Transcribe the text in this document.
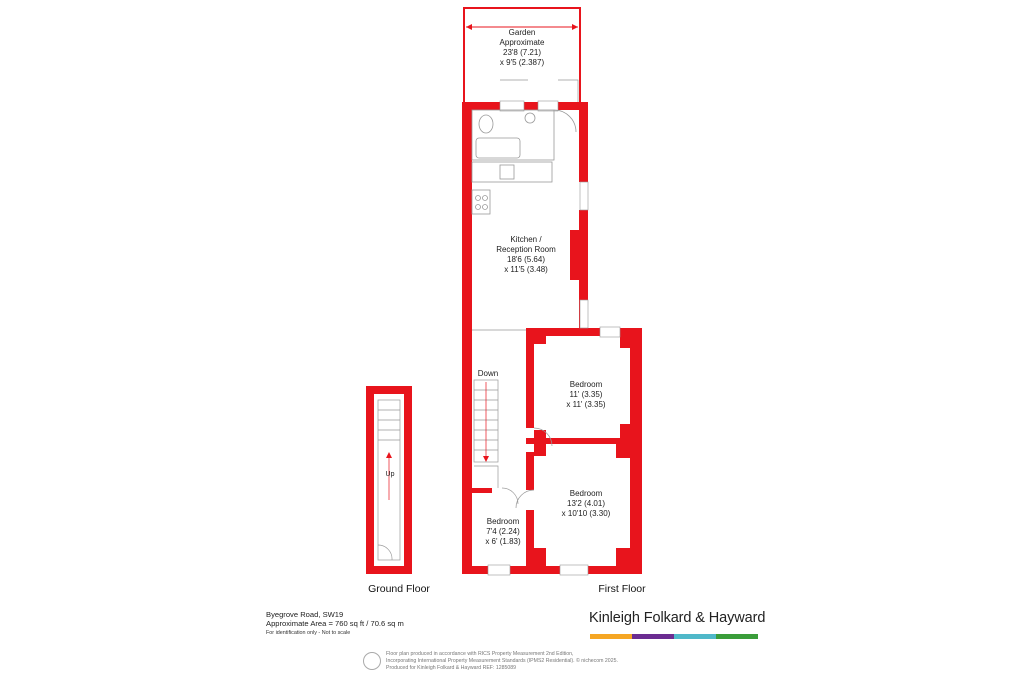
Garden
Approximate
23'8 (7.21)
x 9'5 (2.387)
Kitchen /
Reception Room
18'6 (5.64)
x 11'5 (3.48)
Bedroom
11' (3.35)
x 11' (3.35)
Bedroom
13'2 (4.01)
x 10'10 (3.30)
Bedroom
7'4 (2.24)
x 6' (1.83)
Down
Up
Ground Floor	First Floor
Byegrove Road, SW19
Approximate Area = 760 sq ft / 70.6 sq m
For identification only - Not to scale
Kinleigh Folkard & Hayward
Floor plan produced in accordance with RICS Property Measurement 2nd Edition,
Incorporating International Property Measurement Standards (IPMS2 Residential). © nichecom 2025.
Produced for Kinleigh Folkard & Hayward REF: 1285089
